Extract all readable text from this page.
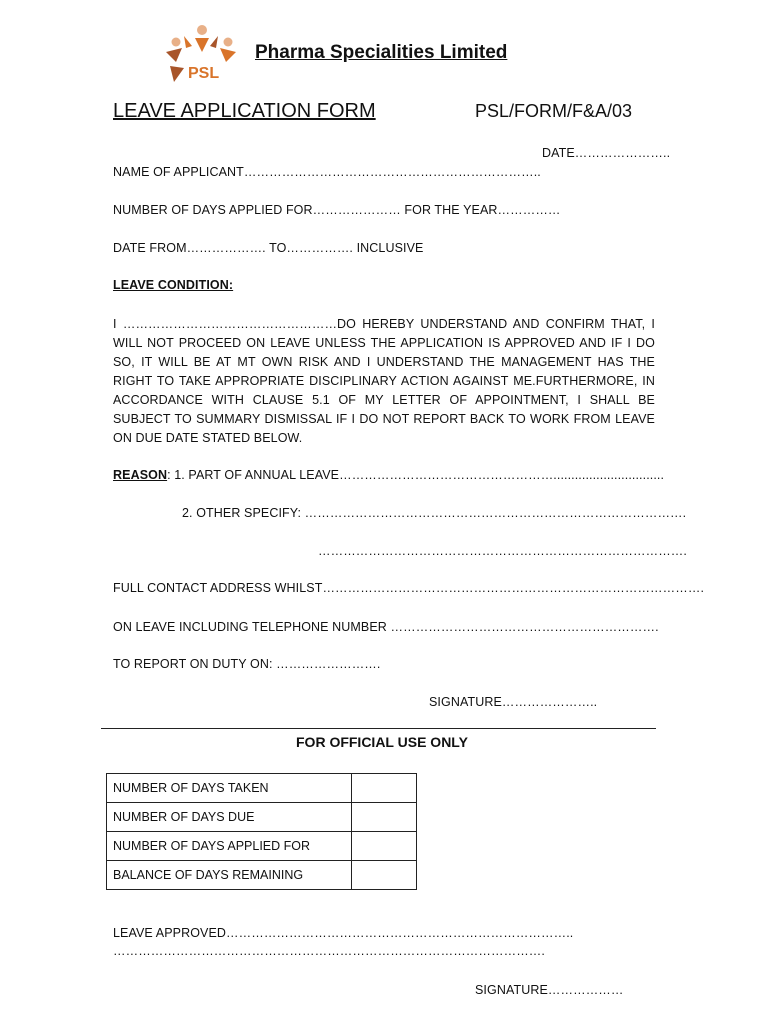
PSL
Pharma Specialities Limited
LEAVE APPLICATION FORM	PSL/FORM/F&A/03
DATE…………………..
NAME OF APPLICANT……………………………………………………………..
NUMBER OF DAYS APPLIED FOR………………… FOR THE YEAR……………
DATE FROM………………. TO……………. INCLUSIVE
LEAVE CONDITION:
I ……………………………………………DO HEREBY UNDERSTAND AND CONFIRM THAT, I WILL NOT PROCEED ON LEAVE UNLESS THE APPLICATION IS APPROVED AND IF I DO SO, IT WILL BE AT MT OWN RISK AND I UNDERSTAND THE MANAGEMENT HAS THE RIGHT TO TAKE APPROPRIATE DISCIPLINARY ACTION AGAINST ME.FURTHERMORE, IN ACCORDANCE WITH CLAUSE 5.1 OF MY LETTER OF APPOINTMENT, I SHALL BE SUBJECT TO SUMMARY DISMISSAL IF I DO NOT REPORT BACK TO WORK FROM LEAVE ON DUE DATE STATED BELOW.
REASON: 1. PART OF ANNUAL LEAVE……………………………………………...............................
2. OTHER SPECIFY: ……………………………………………………………………………….
…………………………………………………………………………….
FULL CONTACT ADDRESS WHILST……………………………………………………………………………….
ON LEAVE INCLUDING TELEPHONE NUMBER ……………………………………………………….
TO REPORT ON DUTY ON: …………………….
SIGNATURE…………………..
FOR OFFICIAL USE ONLY
NUMBER OF DAYS TAKEN	
NUMBER OF DAYS DUE	
NUMBER OF DAYS APPLIED FOR	
BALANCE OF DAYS REMAINING	
LEAVE APPROVED………………………………………………………………………..
………………………………………………………………………………………….
SIGNATURE………………
